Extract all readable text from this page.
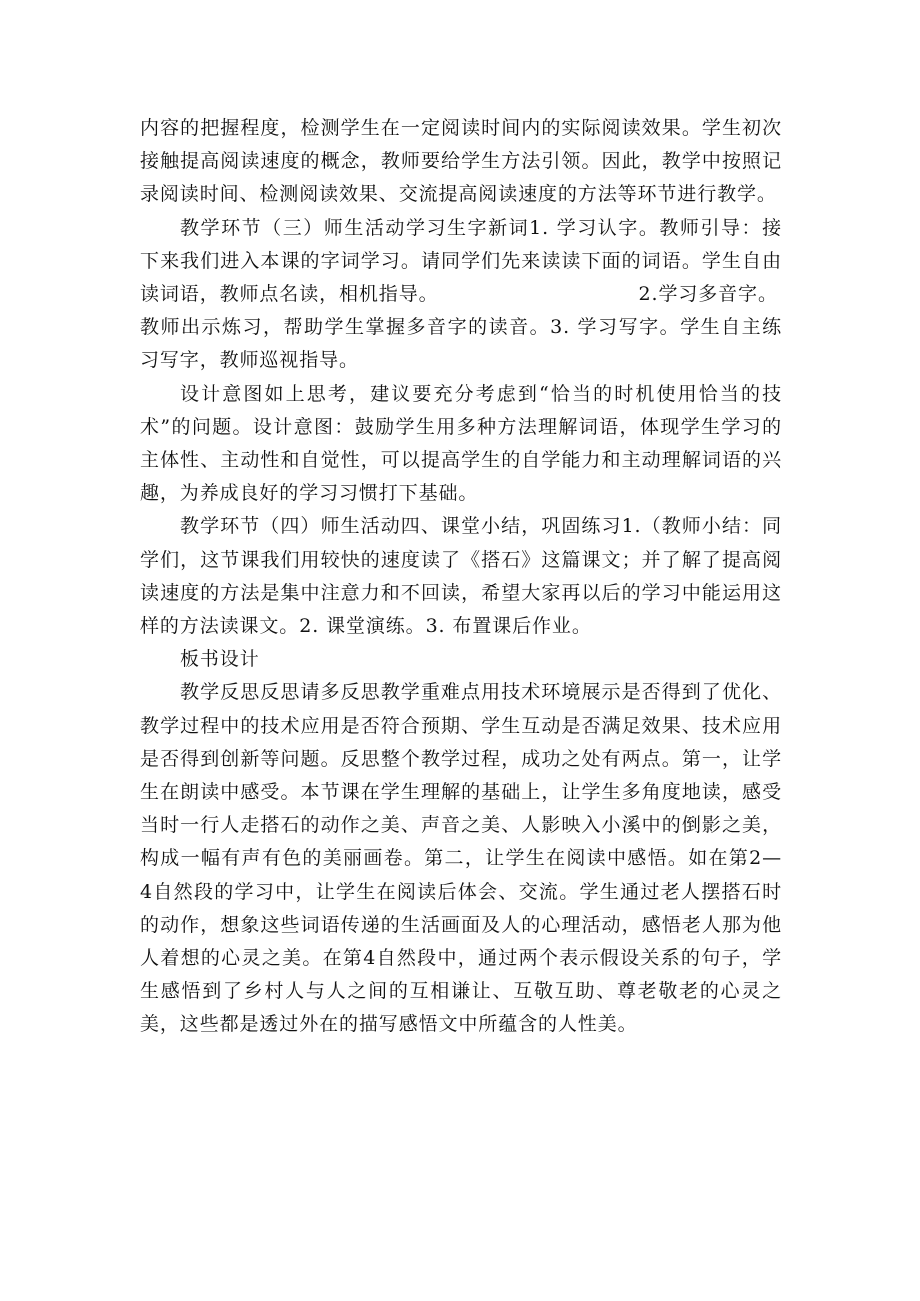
内容的把握程度，检测学生在一定阅读时间内的实际阅读效果。学生初次接触提高阅读速度的概念，教师要给学生方法引领。因此，教学中按照记录阅读时间、检测阅读效果、交流提高阅读速度的方法等环节进行教学。

教学环节（三）师生活动学习生字新词1. 学习认字。教师引导：接下来我们进入本课的字词学习。请同学们先来读读下面的词语。学生自由读词语，教师点名读，相机指导。	2.学习多音字。
教师出示炼习，帮助学生掌握多音字的读音。3. 学习写字。学生自主练习写字，教师巡视指导。

设计意图如上思考，建议要充分考虑到“恰当的时机使用恰当的技术”的问题。设计意图：鼓励学生用多种方法理解词语，体现学生学习的主体性、主动性和自觉性，可以提高学生的自学能力和主动理解词语的兴趣，为养成良好的学习习惯打下基础。

教学环节（四）师生活动四、课堂小结，巩固练习1.（教师小结：同学们，这节课我们用较快的速度读了《搭石》这篇课文；并了解了提高阅读速度的方法是集中注意力和不回读，希望大家再以后的学习中能运用这样的方法读课文。2. 课堂演练。3. 布置课后作业。

板书设计

教学反思反思请多反思教学重难点用技术环境展示是否得到了优化、教学过程中的技术应用是否符合预期、学生互动是否满足效果、技术应用是否得到创新等问题。反思整个教学过程，成功之处有两点。第一，让学生在朗读中感受。本节课在学生理解的基础上，让学生多角度地读，感受当时一行人走搭石的动作之美、声音之美、人影映入小溪中的倒影之美，构成一幅有声有色的美丽画卷。第二，让学生在阅读中感悟。如在第2—4自然段的学习中，让学生在阅读后体会、交流。学生通过老人摆搭石时的动作，想象这些词语传递的生活画面及人的心理活动，感悟老人那为他人着想的心灵之美。在第4自然段中，通过两个表示假设关系的句子，学生感悟到了乡村人与人之间的互相谦让、互敬互助、尊老敬老的心灵之美，这些都是透过外在的描写感悟文中所蕴含的人性美。
